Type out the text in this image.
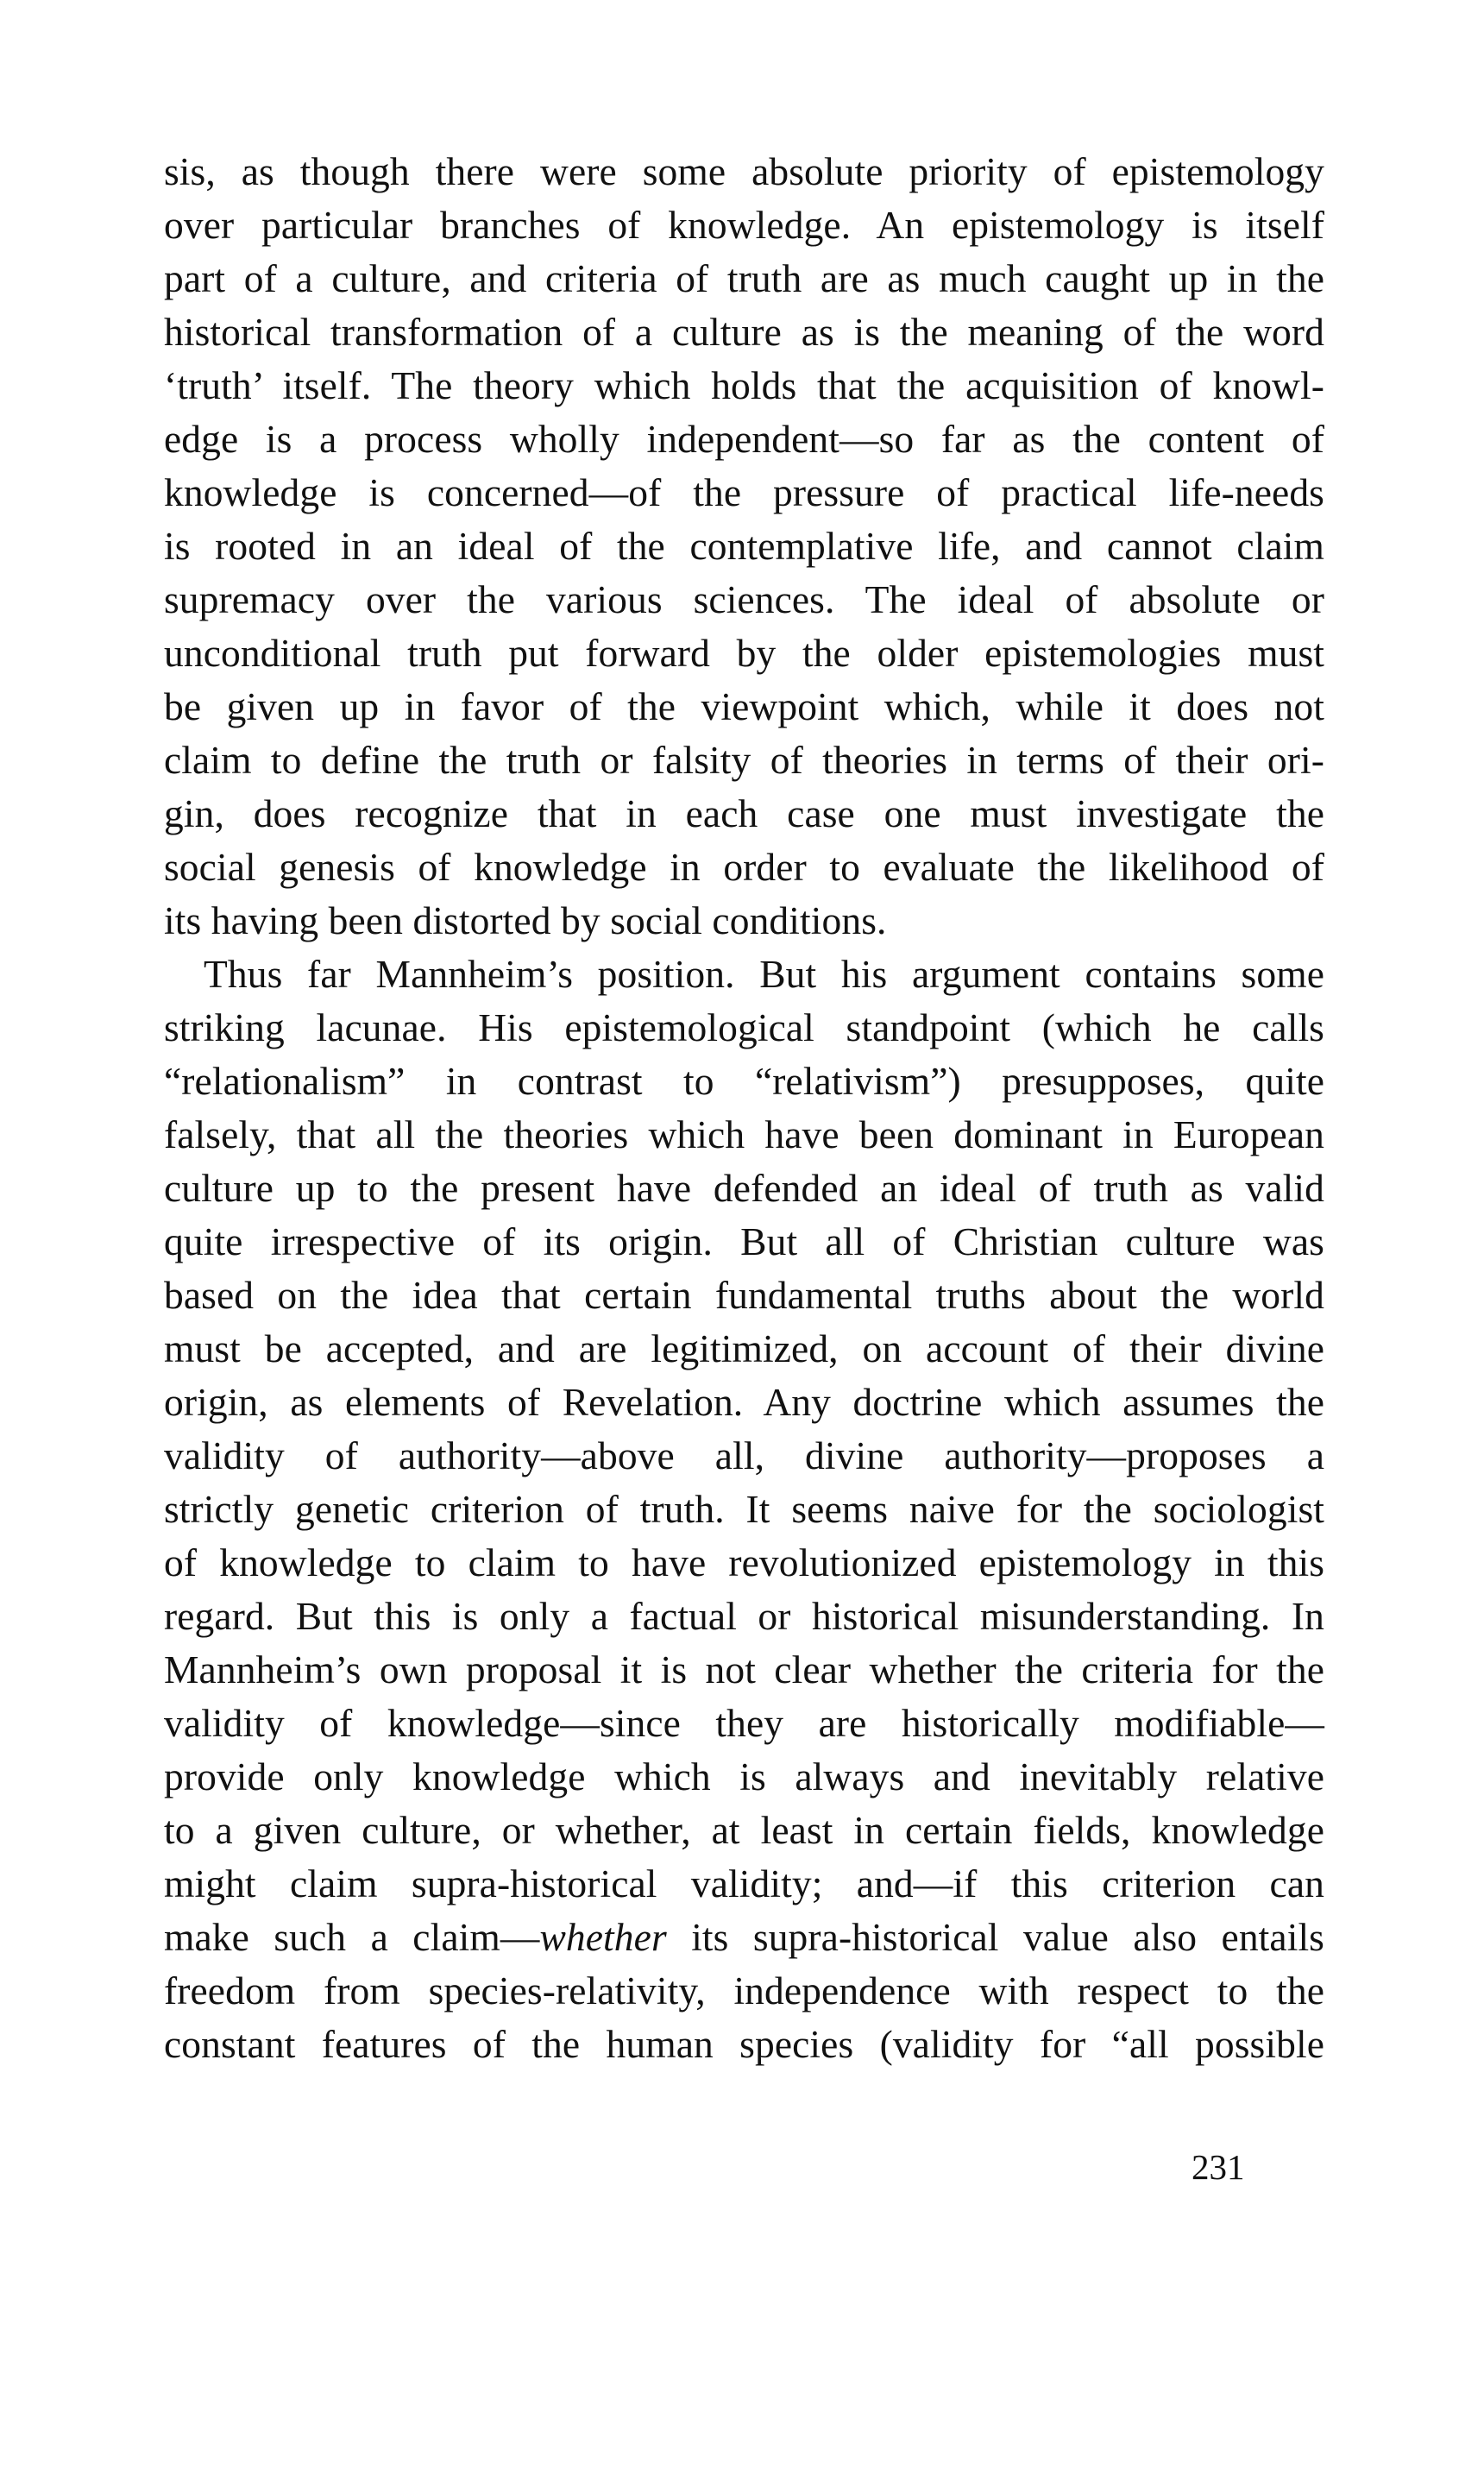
sis, as though there were some absolute priority of epistemology
over particular branches of knowledge. An epistemology is itself
part of a culture, and criteria of truth are as much caught up in the
historical transformation of a culture as is the meaning of the word
‘truth’ itself. The theory which holds that the acquisition of knowl-
edge is a process wholly independent—so far as the content of
knowledge is concerned—of the pressure of practical life-needs
is rooted in an ideal of the contemplative life, and cannot claim
supremacy over the various sciences. The ideal of absolute or
unconditional truth put forward by the older epistemologies must
be given up in favor of the viewpoint which, while it does not
claim to define the truth or falsity of theories in terms of their ori-
gin, does recognize that in each case one must investigate the
social genesis of knowledge in order to evaluate the likelihood of
its having been distorted by social conditions.

Thus far Mannheim’s position. But his argument contains some
striking lacunae. His epistemological standpoint (which he calls
“relationalism” in contrast to “relativism”) presupposes, quite
falsely, that all the theories which have been dominant in European
culture up to the present have defended an ideal of truth as valid
quite irrespective of its origin. But all of Christian culture was
based on the idea that certain fundamental truths about the world
must be accepted, and are legitimized, on account of their divine
origin, as elements of Revelation. Any doctrine which assumes the
validity of authority—above all, divine authority—proposes a
strictly genetic criterion of truth. It seems naive for the sociologist
of knowledge to claim to have revolutionized epistemology in this
regard. But this is only a factual or historical misunderstanding. In
Mannheim’s own proposal it is not clear whether the criteria for the
validity of knowledge—since they are historically modifiable—
provide only knowledge which is always and inevitably relative
to a given culture, or whether, at least in certain fields, knowledge
might claim supra-historical validity; and—if this criterion can
make such a claim—whether its supra-historical value also entails
freedom from species-relativity, independence with respect to the
constant features of the human species (validity for “all possible

231
